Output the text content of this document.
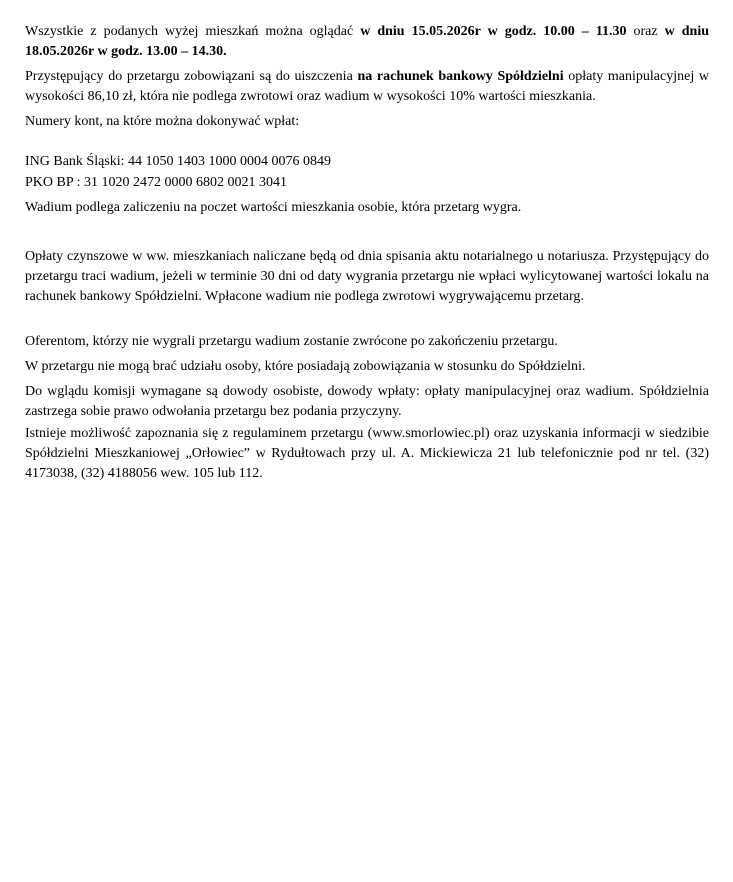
Wszystkie z podanych wyżej mieszkań można oglądać w dniu 15.05.2026r w godz. 10.00 – 11.30 oraz w dniu 18.05.2026r w godz. 13.00 – 14.30.

Przystępujący do przetargu zobowiązani są do uiszczenia na rachunek bankowy Spółdzielni opłaty manipulacyjnej w wysokości 86,10 zł, która nie podlega zwrotowi oraz wadium w wysokości 10% wartości mieszkania.

Numery kont, na które można dokonywać wpłat:

ING Bank Śląski: 44 1050 1403 1000 0004 0076 0849
PKO BP : 31 1020 2472 0000 6802 0021 3041

Wadium podlega zaliczeniu na poczet wartości mieszkania osobie, która przetarg wygra.

Opłaty czynszowe w ww. mieszkaniach naliczane będą od dnia spisania aktu notarialnego u notariusza. Przystępujący do przetargu traci wadium, jeżeli w terminie 30 dni od daty wygrania przetargu nie wpłaci wylicytowanej wartości lokalu na rachunek bankowy Spółdzielni. Wpłacone wadium nie podlega zwrotowi wygrywającemu przetarg.

Oferentom, którzy nie wygrali przetargu wadium zostanie zwrócone po zakończeniu przetargu.

W przetargu nie mogą brać udziału osoby, które posiadają zobowiązania w stosunku do Spółdzielni.

Do wglądu komisji wymagane są dowody osobiste, dowody wpłaty: opłaty manipulacyjnej oraz wadium. Spółdzielnia zastrzega sobie prawo odwołania przetargu bez podania przyczyny.

Istnieje możliwość zapoznania się z regulaminem przetargu (www.smorlowiec.pl) oraz uzyskania informacji w siedzibie Spółdzielni Mieszkaniowej „Orłowiec” w Rydułtowach przy ul. A. Mickiewicza 21 lub telefonicznie pod nr tel. (32) 4173038, (32) 4188056 wew. 105 lub 112.
